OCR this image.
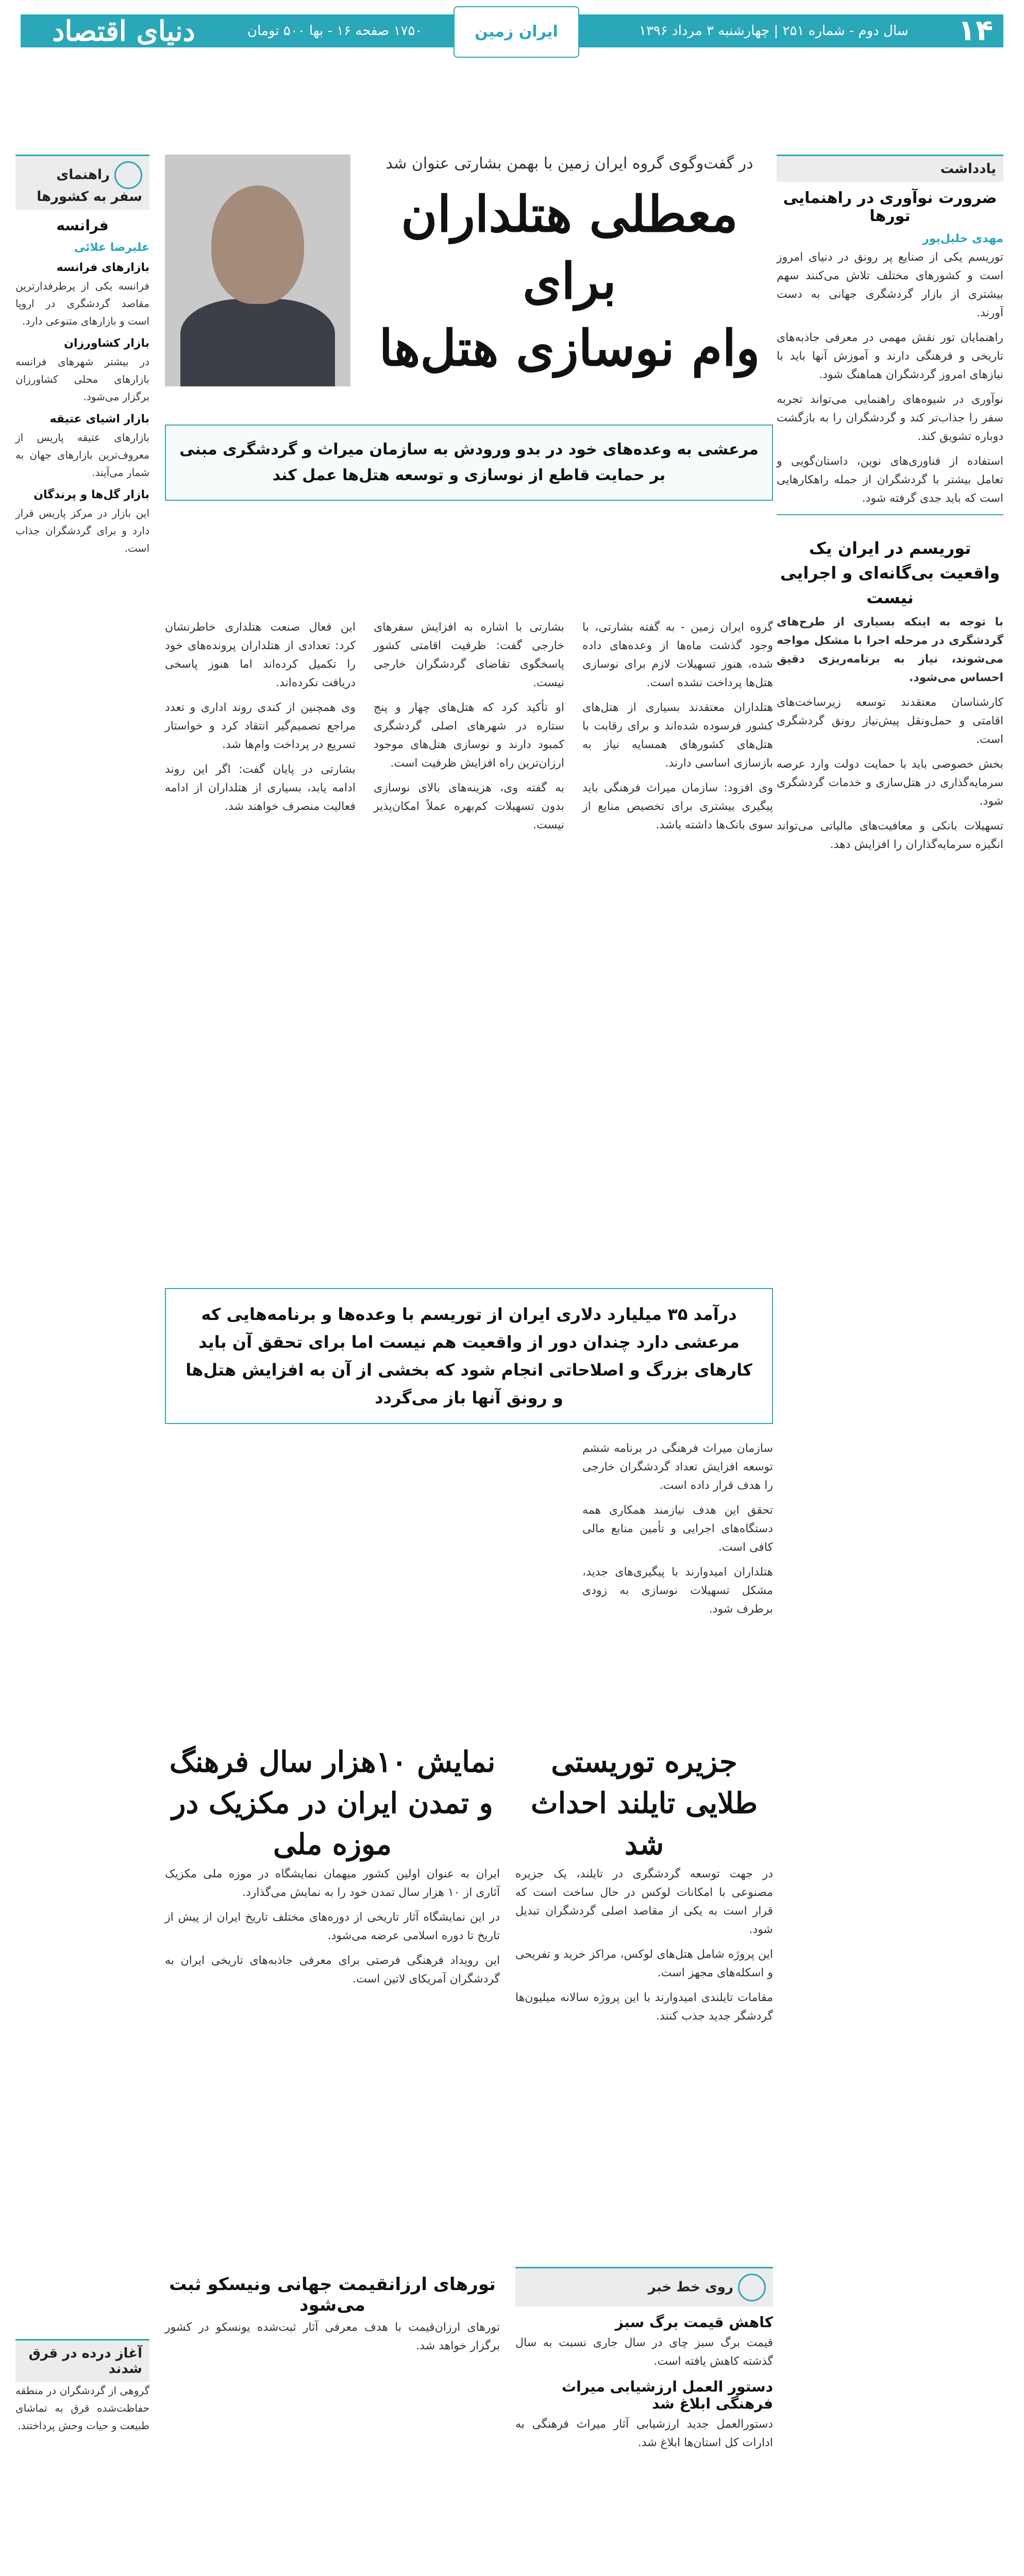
دنیای اقتصاد	۱۷۵۰ صفحه ۱۶ - بها ۵۰۰ تومان	ایران زمین	سال دوم - شماره ۲۵۱ | چهارشنبه ۳ مرداد ۱۳۹۶ ۱۴
یادداشت
ضرورت نوآوری در راهنمایی تورها
مهدی خلیل‌پور

توریسم یکی از صنایع پر رونق در دنیای امروز است و کشورهای مختلف تلاش می‌کنند سهم بیشتری از بازار گردشگری جهانی به دست آورند.

راهنمایان تور نقش مهمی در معرفی جاذبه‌های تاریخی و فرهنگی دارند و آموزش آنها باید با نیازهای امروز گردشگران هماهنگ شود.

نوآوری در شیوه‌های راهنمایی می‌تواند تجربه سفر را جذاب‌تر کند و گردشگران را به بازگشت دوباره تشویق کند.

استفاده از فناوری‌های نوین، داستان‌گویی و تعامل بیشتر با گردشگران از جمله راهکارهایی است که باید جدی گرفته شود.

توریسم در ایران یک واقعیت بی‌گانه‌ای و اجرایی نیست

با توجه به اینکه بسیاری از طرح‌های گردشگری در مرحله اجرا با مشکل مواجه می‌شوند، نیاز به برنامه‌ریزی دقیق احساس می‌شود.

کارشناسان معتقدند توسعه زیرساخت‌های اقامتی و حمل‌ونقل پیش‌نیاز رونق گردشگری است.

بخش خصوصی باید با حمایت دولت وارد عرصه سرمایه‌گذاری در هتل‌سازی و خدمات گردشگری شود.

تسهیلات بانکی و معافیت‌های مالیاتی می‌تواند انگیزه سرمایه‌گذاران را افزایش دهد.

در گفت‌وگوی گروه ایران زمین با بهمن بشارتی عنوان شد

معطلی هتلداران برای
وام نوسازی هتل‌ها
مرعشی به وعده‌های خود در بدو ورودش به سازمان میراث و گردشگری مبنی بر حمایت قاطع از نوسازی و توسعه هتل‌ها عمل کند

گروه ایران زمین - به گفته بشارتی، با وجود گذشت ماه‌ها از وعده‌های داده شده، هنوز تسهیلات لازم برای نوسازی هتل‌ها پرداخت نشده است.

هتلداران معتقدند بسیاری از هتل‌های کشور فرسوده شده‌اند و برای رقابت با هتل‌های کشورهای همسایه نیاز به بازسازی اساسی دارند.

وی افزود: سازمان میراث فرهنگی باید پیگیری بیشتری برای تخصیص منابع از سوی بانک‌ها داشته باشد.

بشارتی با اشاره به افزایش سفرهای خارجی گفت: ظرفیت اقامتی کشور پاسخگوی تقاضای گردشگران خارجی نیست.

او تأکید کرد که هتل‌های چهار و پنج ستاره در شهرهای اصلی گردشگری کمبود دارند و نوسازی هتل‌های موجود ارزان‌ترین راه افزایش ظرفیت است.

به گفته وی، هزینه‌های بالای نوسازی بدون تسهیلات کم‌بهره عملاً امکان‌پذیر نیست.

این فعال صنعت هتلداری خاطرنشان کرد: تعدادی از هتلداران پرونده‌های خود را تکمیل کرده‌اند اما هنوز پاسخی دریافت نکرده‌اند.

وی همچنین از کندی روند اداری و تعدد مراجع تصمیم‌گیر انتقاد کرد و خواستار تسریع در پرداخت وام‌ها شد.

بشارتی در پایان گفت: اگر این روند ادامه یابد، بسیاری از هتلداران از ادامه فعالیت منصرف خواهند شد.

درآمد ۳۵ میلیارد دلاری ایران از توریسم با وعده‌ها و برنامه‌هایی که مرعشی دارد چندان دور از واقعیت هم نیست اما برای تحقق آن باید کارهای بزرگ و اصلاحاتی انجام شود که بخشی از آن به افزایش هتل‌ها و رونق آنها باز می‌گردد

سازمان میراث فرهنگی در برنامه ششم توسعه افزایش تعداد گردشگران خارجی را هدف قرار داده است.

تحقق این هدف نیازمند همکاری همه دستگاه‌های اجرایی و تأمین منابع مالی کافی است.

هتلداران امیدوارند با پیگیری‌های جدید، مشکل تسهیلات نوسازی به زودی برطرف شود.

جزیره توریستی طلایی تایلند احداث شد

در جهت توسعه گردشگری در تایلند، یک جزیره مصنوعی با امکانات لوکس در حال ساخت است که قرار است به یکی از مقاصد اصلی گردشگران تبدیل شود.

این پروژه شامل هتل‌های لوکس، مراکز خرید و تفریحی و اسکله‌های مجهز است.

مقامات تایلندی امیدوارند با این پروژه سالانه میلیون‌ها گردشگر جدید جذب کنند.

نمایش ۱۰هزار سال فرهنگ و تمدن ایران در مکزیک در موزه ملی

ایران به عنوان اولین کشور میهمان نمایشگاه در موزه ملی مکزیک آثاری از ۱۰ هزار سال تمدن خود را به نمایش می‌گذارد.

در این نمایشگاه آثار تاریخی از دوره‌های مختلف تاریخ ایران از پیش از تاریخ تا دوره اسلامی عرضه می‌شود.

این رویداد فرهنگی فرصتی برای معرفی جاذبه‌های تاریخی ایران به گردشگران آمریکای لاتین است.

روی خط خبر
کاهش قیمت برگ سبز

قیمت برگ سبز چای در سال جاری نسبت به سال گذشته کاهش یافته است.

دستور العمل ارزشیابی میراث فرهنگی ابلاغ شد

دستورالعمل جدید ارزشیابی آثار میراث فرهنگی به ادارات کل استان‌ها ابلاغ شد.

تورهای ارزانقیمت جهانی ونیسکو ثبت می‌شود

تورهای ارزان‌قیمت با هدف معرفی آثار ثبت‌شده یونسکو در کشور برگزار خواهد شد.

راهنمای سفر به کشورها
فرانسه
علیرضا علائی
بازارهای فرانسه

فرانسه یکی از پرطرفدارترین مقاصد گردشگری در اروپا است و بازارهای متنوعی دارد.

بازار کشاورزان

در بیشتر شهرهای فرانسه بازارهای محلی کشاورزان برگزار می‌شود.

بازار اشیای عتیقه

بازارهای عتیقه پاریس از معروف‌ترین بازارهای جهان به شمار می‌آیند.

بازار گل‌ها و پرندگان

این بازار در مرکز پاریس قرار دارد و برای گردشگران جذاب است.

آغاز درده در قرق شدند

گروهی از گردشگران در منطقه حفاظت‌شده قرق به تماشای طبیعت و حیات وحش پرداختند.
